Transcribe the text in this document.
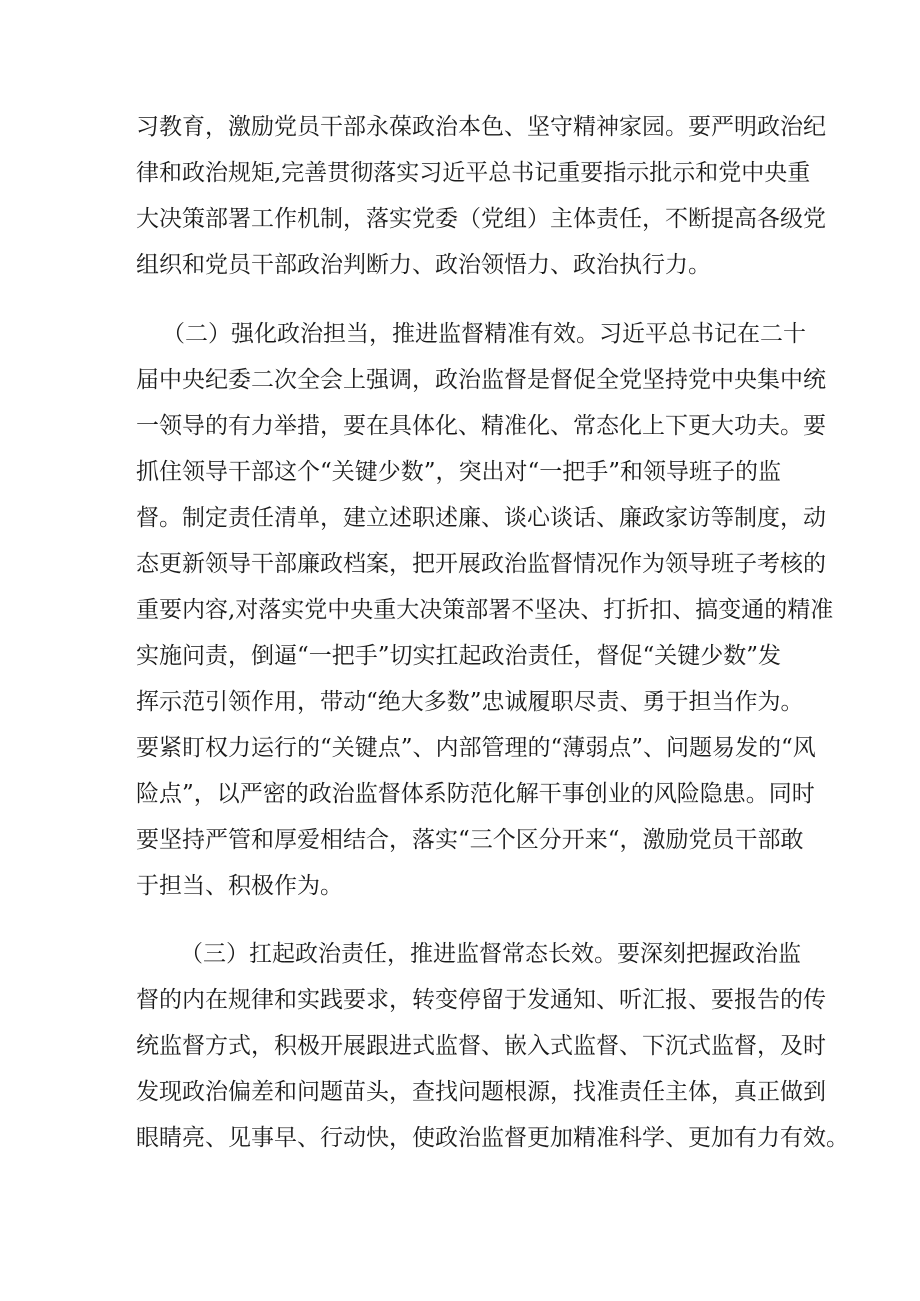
习教育，激励党员干部永葆政治本色、坚守精神家园。要严明政治纪
律和政治规矩,完善贯彻落实习近平总书记重要指示批示和党中央重
大决策部署工作机制，落实党委（党组）主体责任，不断提高各级党
组织和党员干部政治判断力、政治领悟力、政治执行力。
（二）强化政治担当，推进监督精准有效。习近平总书记在二十
届中央纪委二次全会上强调，政治监督是督促全党坚持党中央集中统
一领导的有力举措，要在具体化、精准化、常态化上下更大功夫。要
抓住领导干部这个“关键少数”，突出对“一把手”和领导班子的监
督。制定责任清单，建立述职述廉、谈心谈话、廉政家访等制度，动
态更新领导干部廉政档案，把开展政治监督情况作为领导班子考核的
重要内容,对落实党中央重大决策部署不坚决、打折扣、搞变通的精准
实施问责，倒逼“一把手”切实扛起政治责任，督促“关键少数”发
挥示范引领作用，带动“绝大多数”忠诚履职尽责、勇于担当作为。
要紧盯权力运行的“关键点”、内部管理的“薄弱点”、问题易发的“风
险点”，以严密的政治监督体系防范化解干事创业的风险隐患。同时
要坚持严管和厚爱相结合，落实“三个区分开来“，激励党员干部敢
于担当、积极作为。
（三）扛起政治责任，推进监督常态长效。要深刻把握政治监
督的内在规律和实践要求，转变停留于发通知、听汇报、要报告的传
统监督方式，积极开展跟进式监督、嵌入式监督、下沉式监督，及时
发现政治偏差和问题苗头，查找问题根源，找准责任主体，真正做到
眼睛亮、见事早、行动快，使政治监督更加精准科学、更加有力有效。
